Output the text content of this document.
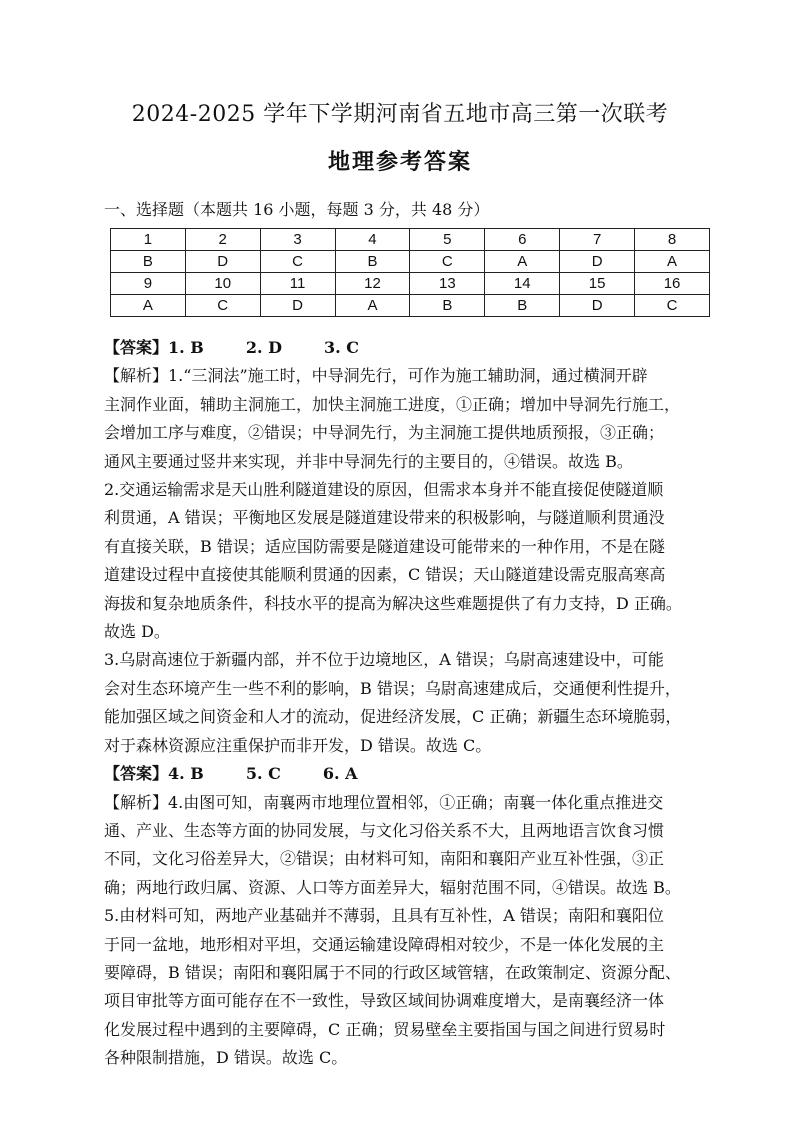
2024-2025 学年下学期河南省五地市高三第一次联考
地理参考答案
一、选择题（本题共 16 小题，每题 3 分，共 48 分）
1	2	3	4	5	6	7	8
B	D	C	B	C	A	D	A
9	10	11	12	13	14	15	16
A	C	D	A	B	B	D	C

【答案】1. B	2. D	3. C

【解析】1.“三洞法”施工时，中导洞先行，可作为施工辅助洞，通过横洞开辟

主洞作业面，辅助主洞施工，加快主洞施工进度，①正确；增加中导洞先行施工，

会增加工序与难度，②错误；中导洞先行，为主洞施工提供地质预报，③正确；

通风主要通过竖井来实现，并非中导洞先行的主要目的，④错误。故选 B。

2.交通运输需求是天山胜利隧道建设的原因，但需求本身并不能直接促使隧道顺

利贯通，A 错误；平衡地区发展是隧道建设带来的积极影响，与隧道顺利贯通没

有直接关联，B 错误；适应国防需要是隧道建设可能带来的一种作用，不是在隧

道建设过程中直接使其能顺利贯通的因素，C 错误；天山隧道建设需克服高寒高

海拔和复杂地质条件，科技水平的提高为解决这些难题提供了有力支持，D 正确。

故选 D。

3.乌尉高速位于新疆内部，并不位于边境地区，A 错误；乌尉高速建设中，可能

会对生态环境产生一些不利的影响，B 错误；乌尉高速建成后，交通便利性提升，

能加强区域之间资金和人才的流动，促进经济发展，C 正确；新疆生态环境脆弱，

对于森林资源应注重保护而非开发，D 错误。故选 C。

【答案】4. B	5. C	6. A

【解析】4.由图可知，南襄两市地理位置相邻，①正确；南襄一体化重点推进交

通、产业、生态等方面的协同发展，与文化习俗关系不大，且两地语言饮食习惯

不同，文化习俗差异大，②错误；由材料可知，南阳和襄阳产业互补性强，③正

确；两地行政归属、资源、人口等方面差异大，辐射范围不同，④错误。故选 B。

5.由材料可知，两地产业基础并不薄弱，且具有互补性，A 错误；南阳和襄阳位

于同一盆地，地形相对平坦，交通运输建设障碍相对较少，不是一体化发展的主

要障碍，B 错误；南阳和襄阳属于不同的行政区域管辖，在政策制定、资源分配、

项目审批等方面可能存在不一致性，导致区域间协调难度增大，是南襄经济一体

化发展过程中遇到的主要障碍，C 正确；贸易壁垒主要指国与国之间进行贸易时

各种限制措施，D 错误。故选 C。
